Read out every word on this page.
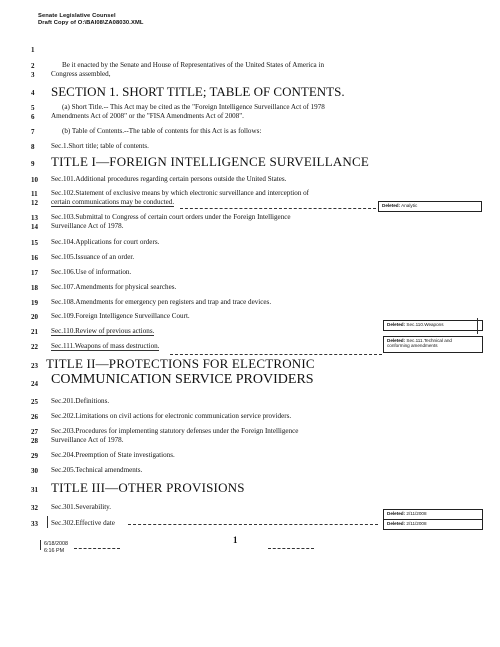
Senate Legislative Counsel
Draft Copy of O:\BAI08\ZA08030.XML
1
2	Be it enacted by the Senate and House of Representatives of the United States of America in
3	Congress assembled,
4	SECTION 1. SHORT TITLE; TABLE OF CONTENTS.
5	(a) Short Title.-- This Act may be cited as the "Foreign Intelligence Surveillance Act of 1978
6	Amendments Act of 2008" or the "FISA Amendments Act of 2008".
7	(b) Table of Contents.--The table of contents for this Act is as follows:
8	Sec.1.Short title; table of contents.
9	TITLE I—FOREIGN INTELLIGENCE SURVEILLANCE
10	Sec.101.Additional procedures regarding certain persons outside the United States.
11	Sec.102.Statement of exclusive means by which electronic surveillance and interception of
12	certain communications may be conducted.
13	Sec.103.Submittal to Congress of certain court orders under the Foreign Intelligence
14	Surveillance Act of 1978.
15	Sec.104.Applications for court orders.
16	Sec.105.Issuance of an order.
17	Sec.106.Use of information.
18	Sec.107.Amendments for physical searches.
19	Sec.108.Amendments for emergency pen registers and trap and trace devices.
20	Sec.109.Foreign Intelligence Surveillance Court.
21	Sec.110.Review of previous actions.
22	Sec.111.Weapons of mass destruction.
23 TITLE II—PROTECTIONS FOR ELECTRONIC
24 COMMUNICATION SERVICE PROVIDERS
25	Sec.201.Definitions.
26	Sec.202.Limitations on civil actions for electronic communication service providers.
27	Sec.203.Procedures for implementing statutory defenses under the Foreign Intelligence
28	Surveillance Act of 1978.
29	Sec.204.Preemption of State investigations.
30	Sec.205.Technical amendments.
31	TITLE III—OTHER PROVISIONS
32	Sec.301.Severability.
33	Sec.302.Effective date
Deleted: Analytic
Deleted: Sec.110.Weapons
Deleted: Sec.111.Technical and
conforming amendments
Deleted: 2/11/2008
Deleted: 2/11/2008
6/18/2008
6:16 PM
1
